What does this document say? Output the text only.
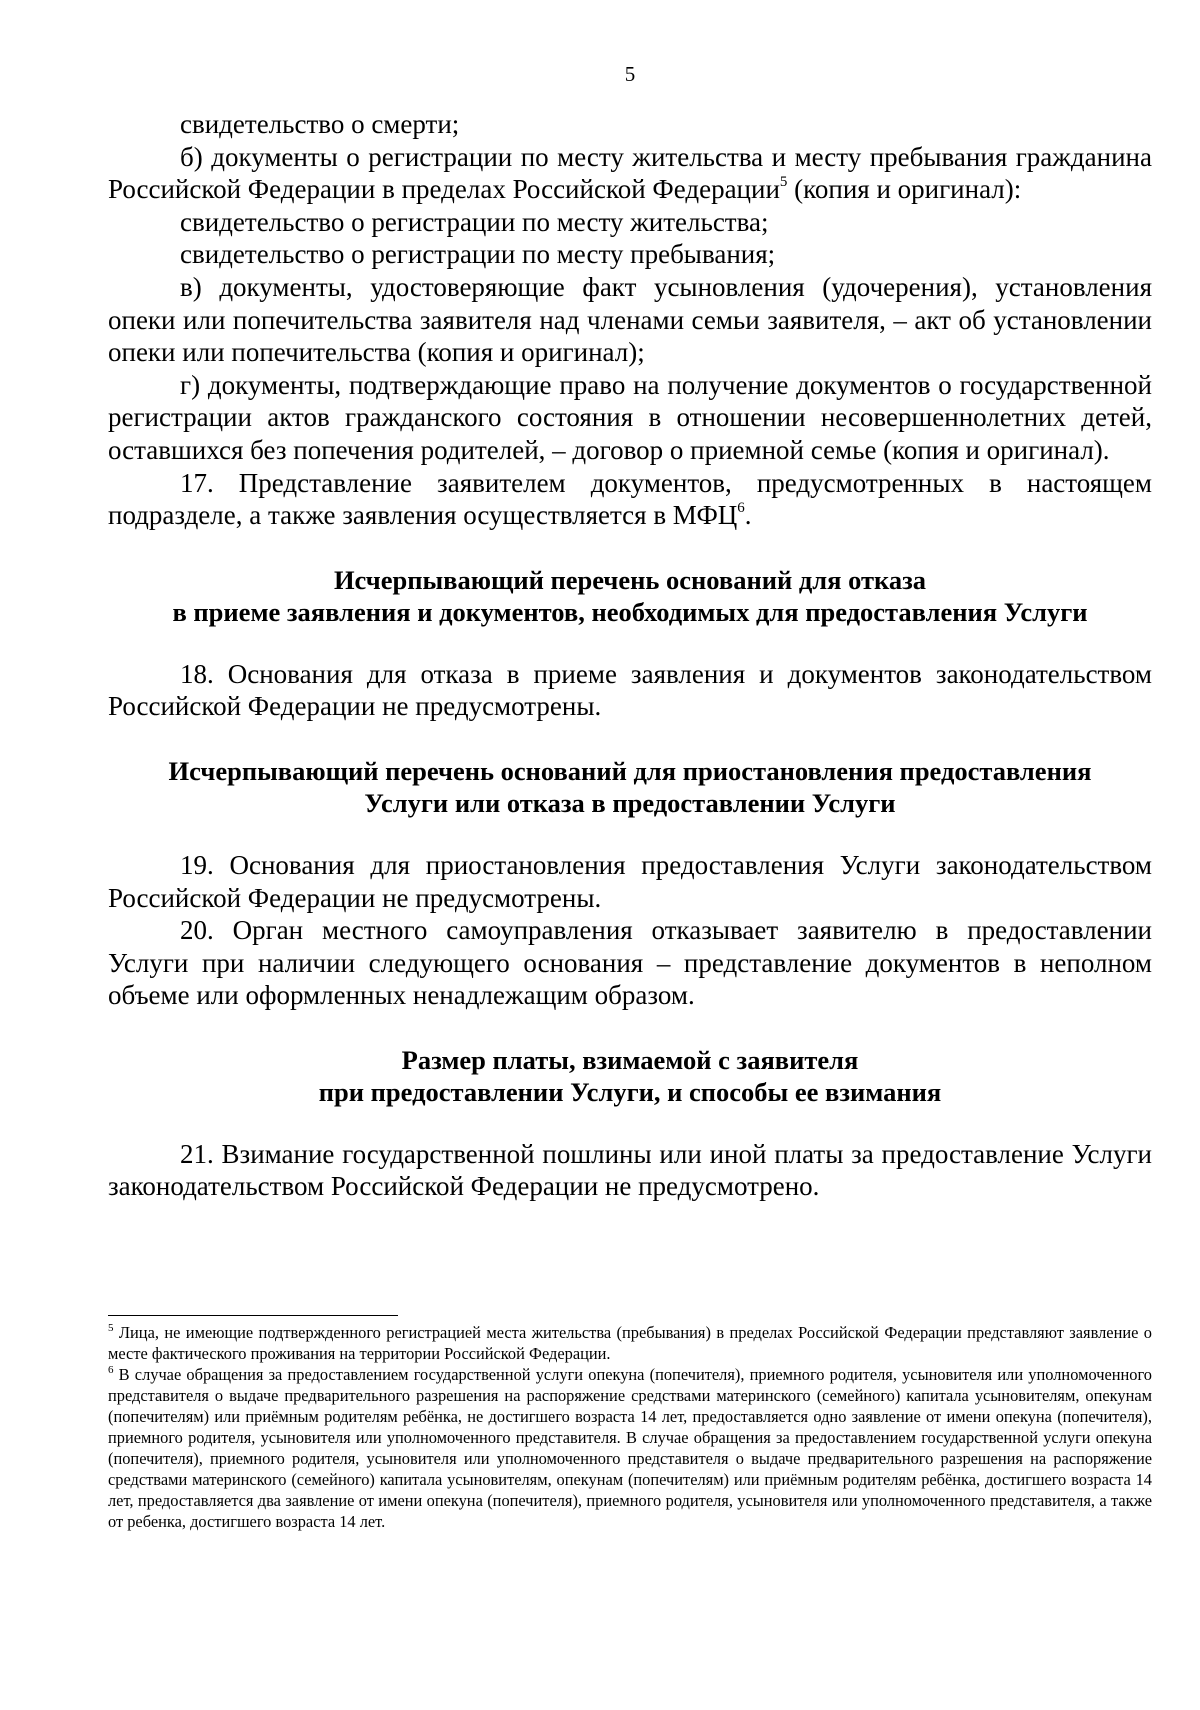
5

свидетельство о смерти;

б) документы о регистрации по месту жительства и месту пребывания гражданина Российской Федерации в пределах Российской Федерации$^5$ (копия и оригинал):

свидетельство о регистрации по месту жительства;

свидетельство о регистрации по месту пребывания;

в) документы, удостоверяющие факт усыновления (удочерения), установления опеки или попечительства заявителя над членами семьи заявителя, – акт об установлении опеки или попечительства (копия и оригинал);

г) документы, подтверждающие право на получение документов о государственной регистрации актов гражданского состояния в отношении несовершеннолетних детей, оставшихся без попечения родителей, – договор о приемной семье (копия и оригинал).

17. Представление заявителем документов, предусмотренных в настоящем подразделе, а также заявления осуществляется в МФЦ$^6$.

Исчерпывающий перечень оснований для отказа

в приеме заявления и документов, необходимых для предоставления Услуги

18. Основания для отказа в приеме заявления и документов законодательством Российской Федерации не предусмотрены.

Исчерпывающий перечень оснований для приостановления предоставления

Услуги или отказа в предоставлении Услуги

19. Основания для приостановления предоставления Услуги законодательством Российской Федерации не предусмотрены.

20. Орган местного самоуправления отказывает заявителю в предоставлении Услуги при наличии следующего основания – представление документов в неполном объеме или оформленных ненадлежащим образом.

Размер платы, взимаемой с заявителя

при предоставлении Услуги, и способы ее взимания

21. Взимание государственной пошлины или иной платы за предоставление Услуги законодательством Российской Федерации не предусмотрено.

$^5$ Лица, не имеющие подтвержденного регистрацией места жительства (пребывания) в пределах Российской Федерации представляют заявление о месте фактического проживания на территории Российской Федерации.

$^6$ В случае обращения за предоставлением государственной услуги опекуна (попечителя), приемного родителя, усыновителя или уполномоченного представителя о выдаче предварительного разрешения на распоряжение средствами материнского (семейного) капитала усыновителям, опекунам (попечителям) или приёмным родителям ребёнка, не достигшего возраста 14 лет, предоставляется одно заявление от имени опекуна (попечителя), приемного родителя, усыновителя или уполномоченного представителя. В случае обращения за предоставлением государственной услуги опекуна (попечителя), приемного родителя, усыновителя или уполномоченного представителя о выдаче предварительного разрешения на распоряжение средствами материнского (семейного) капитала усыновителям, опекунам (попечителям) или приёмным родителям ребёнка, достигшего возраста 14 лет, предоставляется два заявление от имени опекуна (попечителя), приемного родителя, усыновителя или уполномоченного представителя, а также от ребенка, достигшего возраста 14 лет.
